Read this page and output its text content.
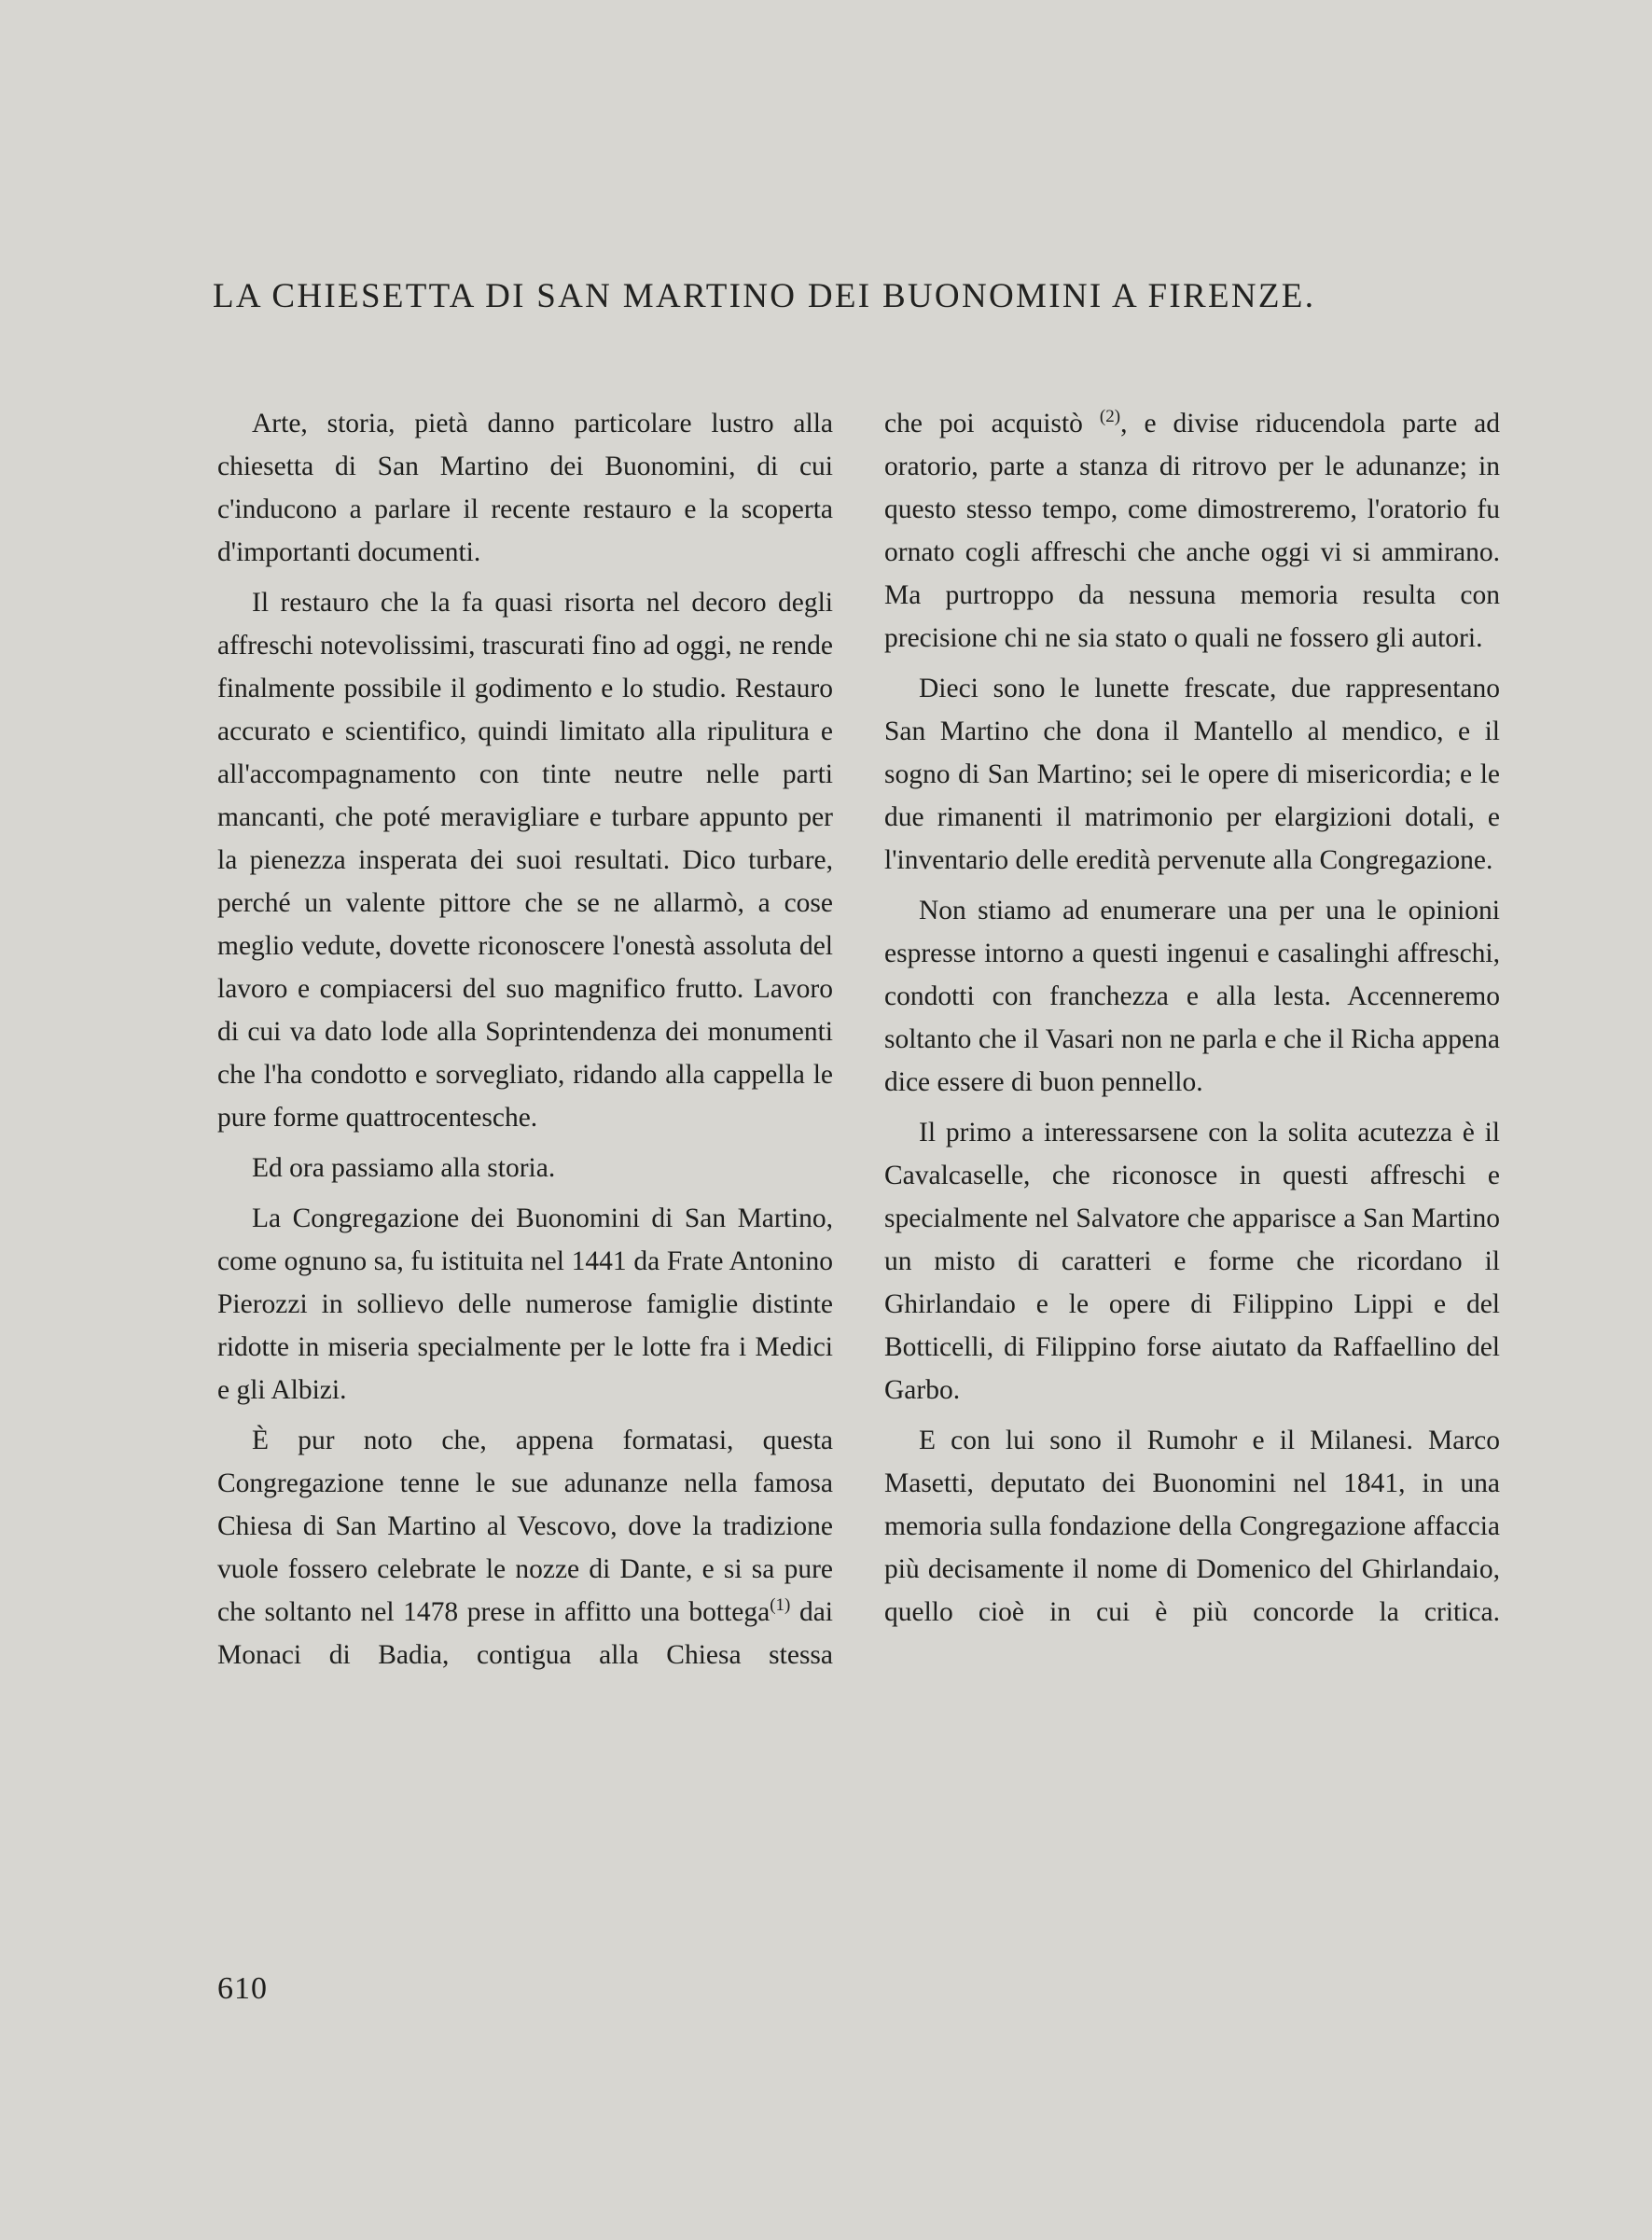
LA CHIESETTA DI SAN MARTINO DEI BUONOMINI A FIRENZE.

Arte, storia, pietà danno particolare lustro alla chiesetta di San Martino dei Buonomini, di cui c'inducono a parlare il recente restauro e la scoperta d'importanti documenti.

Il restauro che la fa quasi risorta nel decoro degli affreschi notevolissimi, trascurati fino ad oggi, ne rende finalmente possibile il godimento e lo studio. Restauro accurato e scientifico, quindi limitato alla ripulitura e all'accompagnamento con tinte neutre nelle parti mancanti, che poté meravigliare e turbare appunto per la pienezza insperata dei suoi resultati. Dico turbare, perché un valente pittore che se ne allarmò, a cose meglio vedute, dovette riconoscere l'onestà assoluta del lavoro e compiacersi del suo magnifico frutto. Lavoro di cui va dato lode alla Soprintendenza dei monumenti che l'ha condotto e sorvegliato, ridando alla cappella le pure forme quattrocentesche.

Ed ora passiamo alla storia.

La Congregazione dei Buonomini di San Martino, come ognuno sa, fu istituita nel 1441 da Frate Antonino Pierozzi in sollievo delle numerose famiglie distinte ridotte in miseria specialmente per le lotte fra i Medici e gli Albizi.

È pur noto che, appena formatasi, questa Congregazione tenne le sue adunanze nella famosa Chiesa di San Martino al Vescovo, dove la tradizione vuole fossero celebrate le nozze di Dante, e si sa pure che soltanto nel 1478 prese in affitto una bottega$^{(1)}$ dai Monaci di Badia, contigua alla Chiesa stessa

che poi acquistò $^{(2)}$, e divise riducendola parte ad oratorio, parte a stanza di ritrovo per le adunanze; in questo stesso tempo, come dimostreremo, l'oratorio fu ornato cogli affreschi che anche oggi vi si ammirano. Ma purtroppo da nessuna memoria resulta con precisione chi ne sia stato o quali ne fossero gli autori.

Dieci sono le lunette frescate, due rappresentano San Martino che dona il Mantello al mendico, e il sogno di San Martino; sei le opere di misericordia; e le due rimanenti il matrimonio per elargizioni dotali, e l'inventario delle eredità pervenute alla Congregazione.

Non stiamo ad enumerare una per una le opinioni espresse intorno a questi ingenui e casalinghi affreschi, condotti con franchezza e alla lesta. Accenneremo soltanto che il Vasari non ne parla e che il Richa appena dice essere di buon pennello.

Il primo a interessarsene con la solita acutezza è il Cavalcaselle, che riconosce in questi affreschi e specialmente nel Salvatore che apparisce a San Martino un misto di caratteri e forme che ricordano il Ghirlandaio e le opere di Filippino Lippi e del Botticelli, di Filippino forse aiutato da Raffaellino del Garbo.

E con lui sono il Rumohr e il Milanesi. Marco Masetti, deputato dei Buonomini nel 1841, in una memoria sulla fondazione della Congregazione affaccia più decisamente il nome di Domenico del Ghirlandaio, quello cioè in cui è più concorde la critica.

610
